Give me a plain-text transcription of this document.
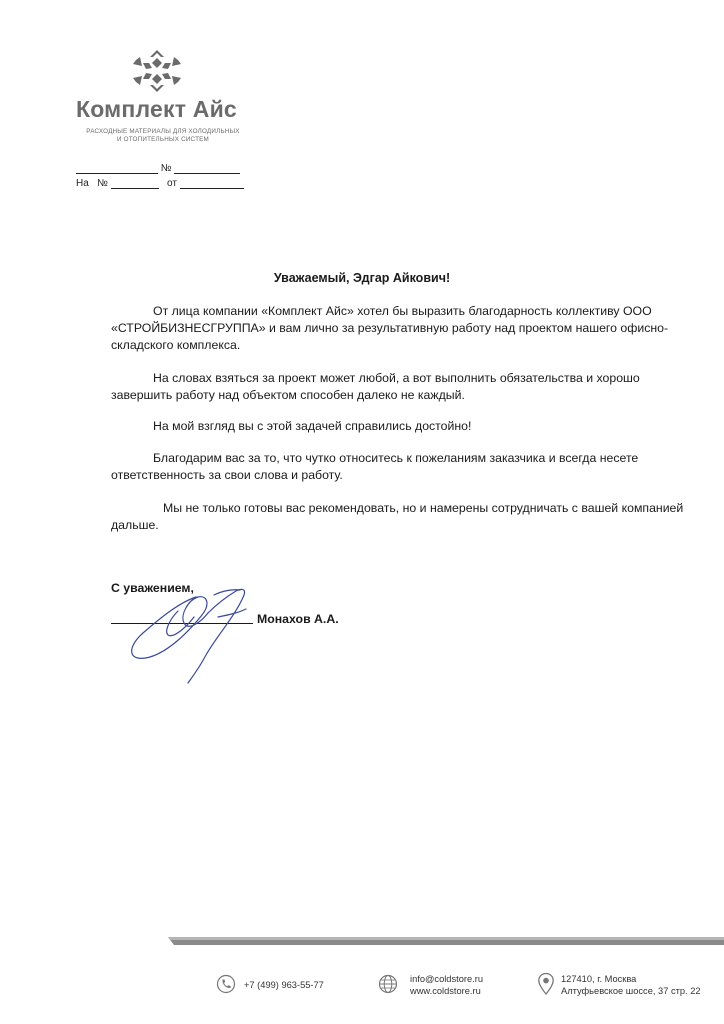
Комплект Айс
РАСХОДНЫЕ МАТЕРИАЛЫ ДЛЯ ХОЛОДИЛЬНЫХ
И ОТОПИТЕЛЬНЫХ СИСТЕМ
№
На №	от
Уважаемый, Эдгар Айкович!
От лица компании «Комплект Айс» хотел бы выразить благодарность коллективу ООО «СТРОЙБИЗНЕСГРУППА» и вам лично за результативную работу над проектом нашего офисно-складского комплекса.
На словах взяться за проект может любой, а вот выполнить обязательства и хорошо завершить работу над объектом способен далеко не каждый.
На мой взгляд вы с этой задачей справились достойно!
Благодарим вас за то, что чутко относитесь к пожеланиям заказчика и всегда несете ответственность за свои слова и работу.
Мы не только готовы вас рекомендовать, но и намерены сотрудничать с вашей компанией дальше.
С уважением,
Монахов А.А.
+7 (499) 963-55-77
info@coldstore.ru
www.coldstore.ru
127410, г. Москва
Алтуфьевское шоссе, 37 стр. 22
